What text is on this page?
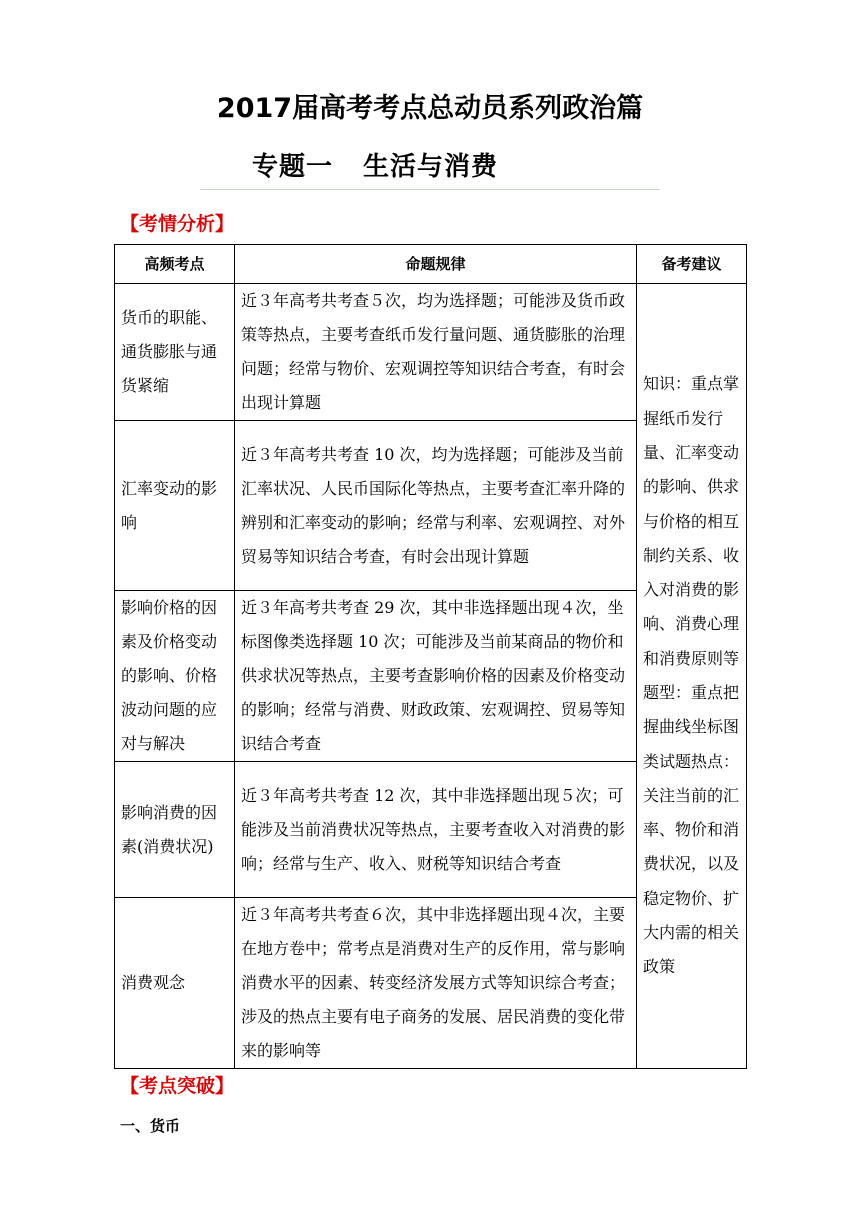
2017届高考考点总动员系列政治篇
专题一 生活与消费
【考情分析】
高频考点	命题规律	备考建议
货币的职能、通货膨胀与通货紧缩	近３年高考共考查５次，均为选择题；可能涉及货币政策等热点，主要考查纸币发行量问题、通货膨胀的治理问题；经常与物价、宏观调控等知识结合考查，有时会出现计算题	知识：重点掌握纸币发行量、汇率变动的影响、供求与价格的相互制约关系、收入对消费的影响、消费心理和消费原则等题型：重点把握曲线坐标图类试题热点：关注当前的汇率、物价和消费状况，以及稳定物价、扩大内需的相关政策
汇率变动的影响	近３年高考共考查 10 次，均为选择题；可能涉及当前汇率状况、人民币国际化等热点，主要考查汇率升降的辨别和汇率变动的影响；经常与利率、宏观调控、对外贸易等知识结合考查，有时会出现计算题	
影响价格的因素及价格变动的影响、价格波动问题的应对与解决	近３年高考共考查 29 次，其中非选择题出现４次，坐标图像类选择题 10 次；可能涉及当前某商品的物价和供求状况等热点，主要考查影响价格的因素及价格变动的影响；经常与消费、财政政策、宏观调控、贸易等知识结合考查	
影响消费的因素(消费状况)	近３年高考共考查 12 次，其中非选择题出现５次；可能涉及当前消费状况等热点，主要考查收入对消费的影响；经常与生产、收入、财税等知识结合考查	
消费观念	近３年高考共考查６次，其中非选择题出现４次，主要在地方卷中；常考点是消费对生产的反作用，常与影响消费水平的因素、转变经济发展方式等知识综合考查；涉及的热点主要有电子商务的发展、居民消费的变化带来的影响等	
【考点突破】
一、货币
